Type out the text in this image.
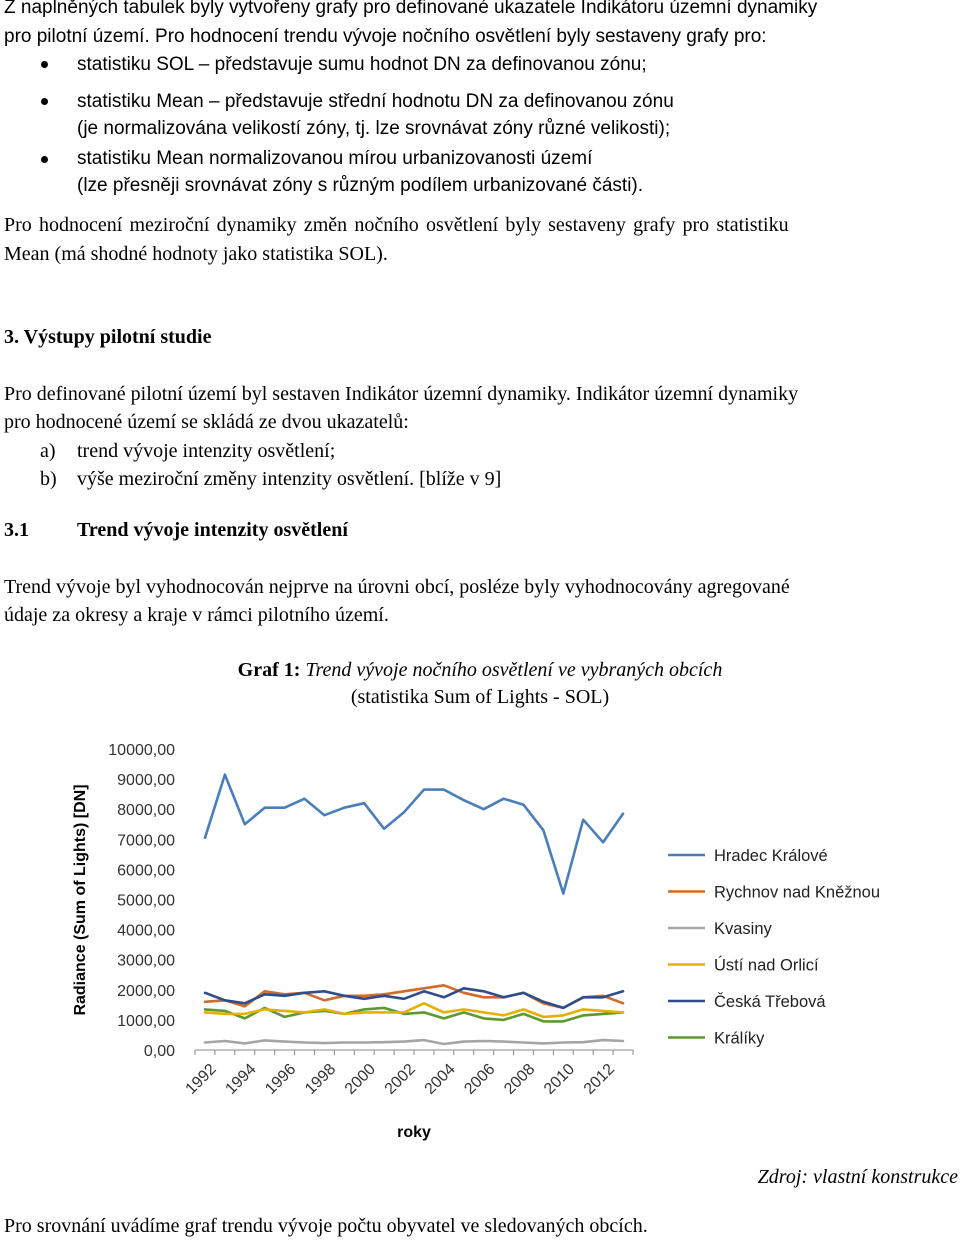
Z naplněných tabulek byly vytvořeny grafy pro definované ukazatele Indikátoru územní dynamiky
pro pilotní území. Pro hodnocení trendu vývoje nočního osvětlení byly sestaveny grafy pro:
statistiku SOL – představuje sumu hodnot DN za definovanou zónu;
statistiku Mean – představuje střední hodnotu DN za definovanou zónu
(je normalizována velikostí zóny, tj. lze srovnávat zóny různé velikosti);
statistiku Mean normalizovanou mírou urbanizovanosti území
(lze přesněji srovnávat zóny s různým podílem urbanizované části).
Pro hodnocení meziroční dynamiky změn nočního osvětlení byly sestaveny grafy pro statistiku
Mean (má shodné hodnoty jako statistika SOL).
3. Výstupy pilotní studie
Pro definované pilotní území byl sestaven Indikátor územní dynamiky. Indikátor územní dynamiky
pro hodnocené území se skládá ze dvou ukazatelů:
a) trend vývoje intenzity osvětlení;
b) výše meziroční změny intenzity osvětlení. [blíže v 9]
3.1 Trend vývoje intenzity osvětlení
Trend vývoje byl vyhodnocován nejprve na úrovni obcí, posléze byly vyhodnocovány agregované
údaje za okresy a kraje v rámci pilotního území.
Graf 1: Trend vývoje nočního osvětlení ve vybraných obcích
(statistika Sum of Lights - SOL)
0,00
1000,00
2000,00
3000,00
4000,00
5000,00
6000,00
7000,00
8000,00
9000,00
10000,00
1992 1994 1996 1998 2000 2002 2004 2006 2008 2010 2012
Hradec Králové
Rychnov nad Kněžnou
Kvasiny
Ústí nad Orlicí
Česká Třebová
Králíky
Radiance (Sum of Lights) [DN]
roky
Zdroj: vlastní konstrukce
Pro srovnání uvádíme graf trendu vývoje počtu obyvatel ve sledovaných obcích.
